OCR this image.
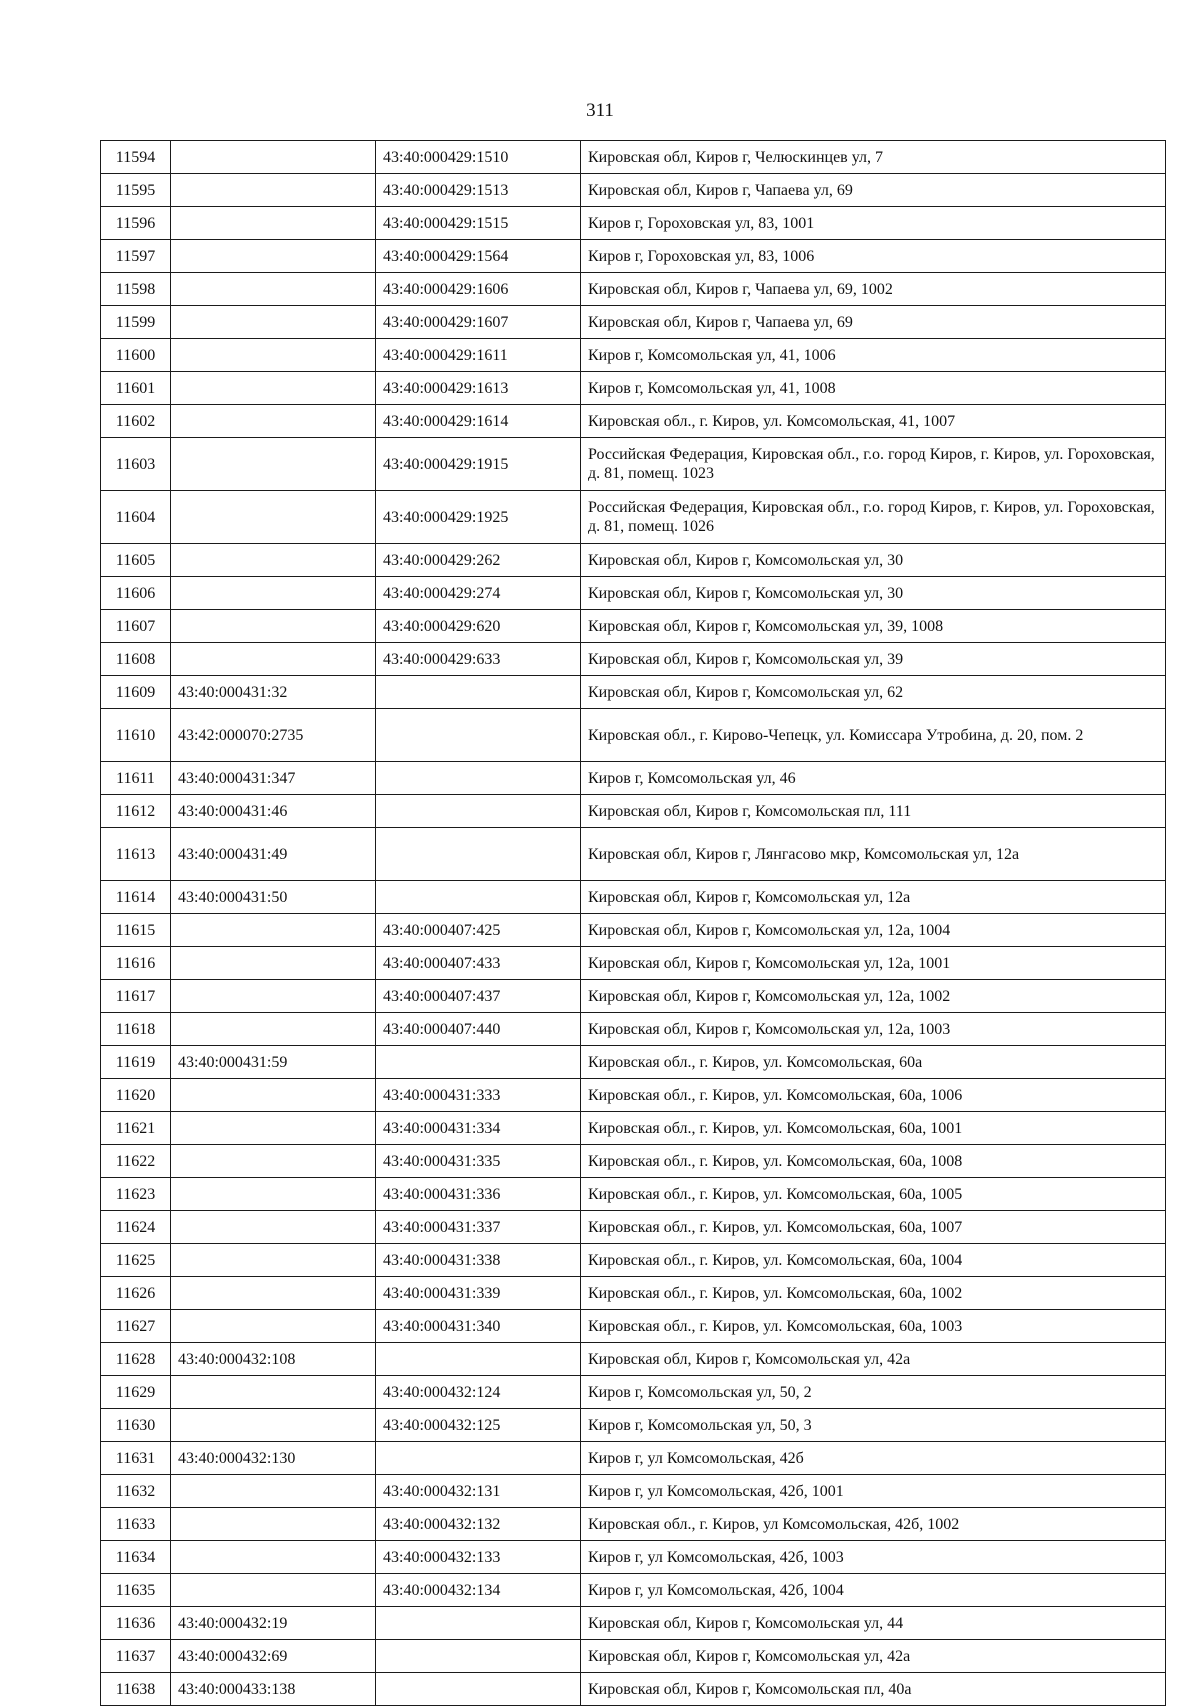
311
11594		43:40:000429:1510	Кировская обл, Киров г, Челюскинцев ул, 7
11595		43:40:000429:1513	Кировская обл, Киров г, Чапаева ул, 69
11596		43:40:000429:1515	Киров г, Гороховская ул, 83, 1001
11597		43:40:000429:1564	Киров г, Гороховская ул, 83, 1006
11598		43:40:000429:1606	Кировская обл, Киров г, Чапаева ул, 69, 1002
11599		43:40:000429:1607	Кировская обл, Киров г, Чапаева ул, 69
11600		43:40:000429:1611	Киров г, Комсомольская ул, 41, 1006
11601		43:40:000429:1613	Киров г, Комсомольская ул, 41, 1008
11602		43:40:000429:1614	Кировская обл., г. Киров, ул. Комсомольская, 41, 1007
11603		43:40:000429:1915	Российская Федерация, Кировская обл., г.о. город Киров, г. Киров, ул. Гороховская, д. 81, помещ. 1023
11604		43:40:000429:1925	Российская Федерация, Кировская обл., г.о. город Киров, г. Киров, ул. Гороховская, д. 81, помещ. 1026
11605		43:40:000429:262	Кировская обл, Киров г, Комсомольская ул, 30
11606		43:40:000429:274	Кировская обл, Киров г, Комсомольская ул, 30
11607		43:40:000429:620	Кировская обл, Киров г, Комсомольская ул, 39, 1008
11608		43:40:000429:633	Кировская обл, Киров г, Комсомольская ул, 39
11609	43:40:000431:32		Кировская обл, Киров г, Комсомольская ул, 62
11610	43:42:000070:2735		Кировская обл., г. Кирово-Чепецк, ул. Комиссара Утробина, д. 20, пом. 2
11611	43:40:000431:347		Киров г, Комсомольская ул, 46
11612	43:40:000431:46		Кировская обл, Киров г, Комсомольская пл, 111
11613	43:40:000431:49		Кировская обл, Киров г, Лянгасово мкр, Комсомольская ул, 12а
11614	43:40:000431:50		Кировская обл, Киров г, Комсомольская ул, 12а
11615		43:40:000407:425	Кировская обл, Киров г, Комсомольская ул, 12а, 1004
11616		43:40:000407:433	Кировская обл, Киров г, Комсомольская ул, 12а, 1001
11617		43:40:000407:437	Кировская обл, Киров г, Комсомольская ул, 12а, 1002
11618		43:40:000407:440	Кировская обл, Киров г, Комсомольская ул, 12а, 1003
11619	43:40:000431:59		Кировская обл., г. Киров, ул. Комсомольская, 60а
11620		43:40:000431:333	Кировская обл., г. Киров, ул. Комсомольская, 60а, 1006
11621		43:40:000431:334	Кировская обл., г. Киров, ул. Комсомольская, 60а, 1001
11622		43:40:000431:335	Кировская обл., г. Киров, ул. Комсомольская, 60а, 1008
11623		43:40:000431:336	Кировская обл., г. Киров, ул. Комсомольская, 60а, 1005
11624		43:40:000431:337	Кировская обл., г. Киров, ул. Комсомольская, 60а, 1007
11625		43:40:000431:338	Кировская обл., г. Киров, ул. Комсомольская, 60а, 1004
11626		43:40:000431:339	Кировская обл., г. Киров, ул. Комсомольская, 60а, 1002
11627		43:40:000431:340	Кировская обл., г. Киров, ул. Комсомольская, 60а, 1003
11628	43:40:000432:108		Кировская обл, Киров г, Комсомольская ул, 42а
11629		43:40:000432:124	Киров г, Комсомольская ул, 50, 2
11630		43:40:000432:125	Киров г, Комсомольская ул, 50, 3
11631	43:40:000432:130		Киров г, ул Комсомольская, 42б
11632		43:40:000432:131	Киров г, ул Комсомольская, 42б, 1001
11633		43:40:000432:132	Кировская обл., г. Киров, ул Комсомольская, 42б, 1002
11634		43:40:000432:133	Киров г, ул Комсомольская, 42б, 1003
11635		43:40:000432:134	Киров г, ул Комсомольская, 42б, 1004
11636	43:40:000432:19		Кировская обл, Киров г, Комсомольская ул, 44
11637	43:40:000432:69		Кировская обл, Киров г, Комсомольская ул, 42а
11638	43:40:000433:138		Кировская обл, Киров г, Комсомольская пл, 40а
